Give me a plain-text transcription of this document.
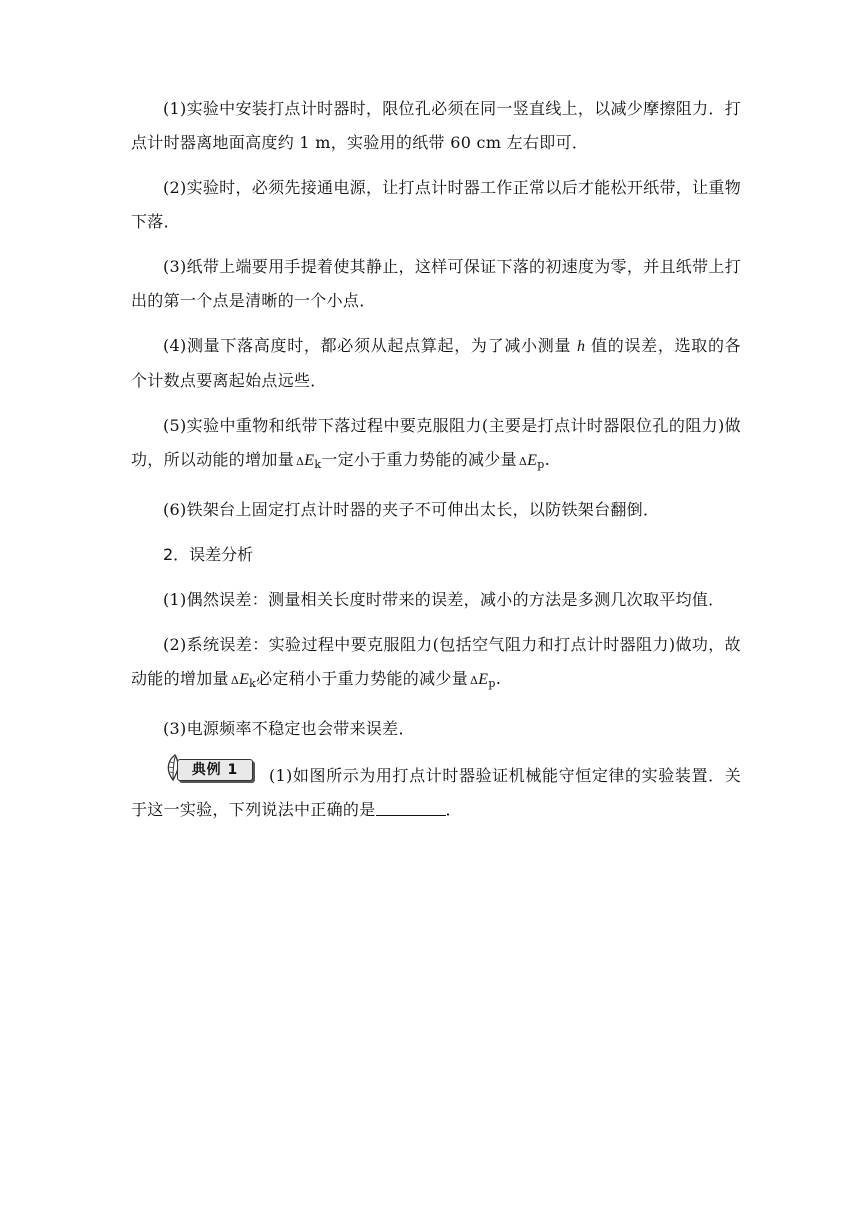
(1)实验中安装打点计时器时，限位孔必须在同一竖直线上，以减少摩擦阻力．打点计时器离地面高度约 1 m，实验用的纸带 60 cm 左右即可．

(2)实验时，必须先接通电源，让打点计时器工作正常以后才能松开纸带，让重物下落．

(3)纸带上端要用手提着使其静止，这样可保证下落的初速度为零，并且纸带上打出的第一个点是清晰的一个小点．

(4)测量下落高度时，都必须从起点算起，为了减小测量 h 值的误差，选取的各个计数点要离起始点远些．

(5)实验中重物和纸带下落过程中要克服阻力(主要是打点计时器限位孔的阻力)做功，所以动能的增加量 $\Delta E_k$一定小于重力势能的减少量 $\Delta E_p$.

(6)铁架台上固定打点计时器的夹子不可伸出太长，以防铁架台翻倒．

2．误差分析

(1)偶然误差：测量相关长度时带来的误差，减小的方法是多测几次取平均值．

(2)系统误差：实验过程中要克服阻力(包括空气阻力和打点计时器阻力)做功，故动能的增加量 $\Delta E_k$必定稍小于重力势能的减少量 $\Delta E_p$.

(3)电源频率不稳定也会带来误差．

典例 1	(1)如图所示为用打点计时器验证机械能守恒定律的实验装置．关于这一实验，下列说法中正确的是	．
